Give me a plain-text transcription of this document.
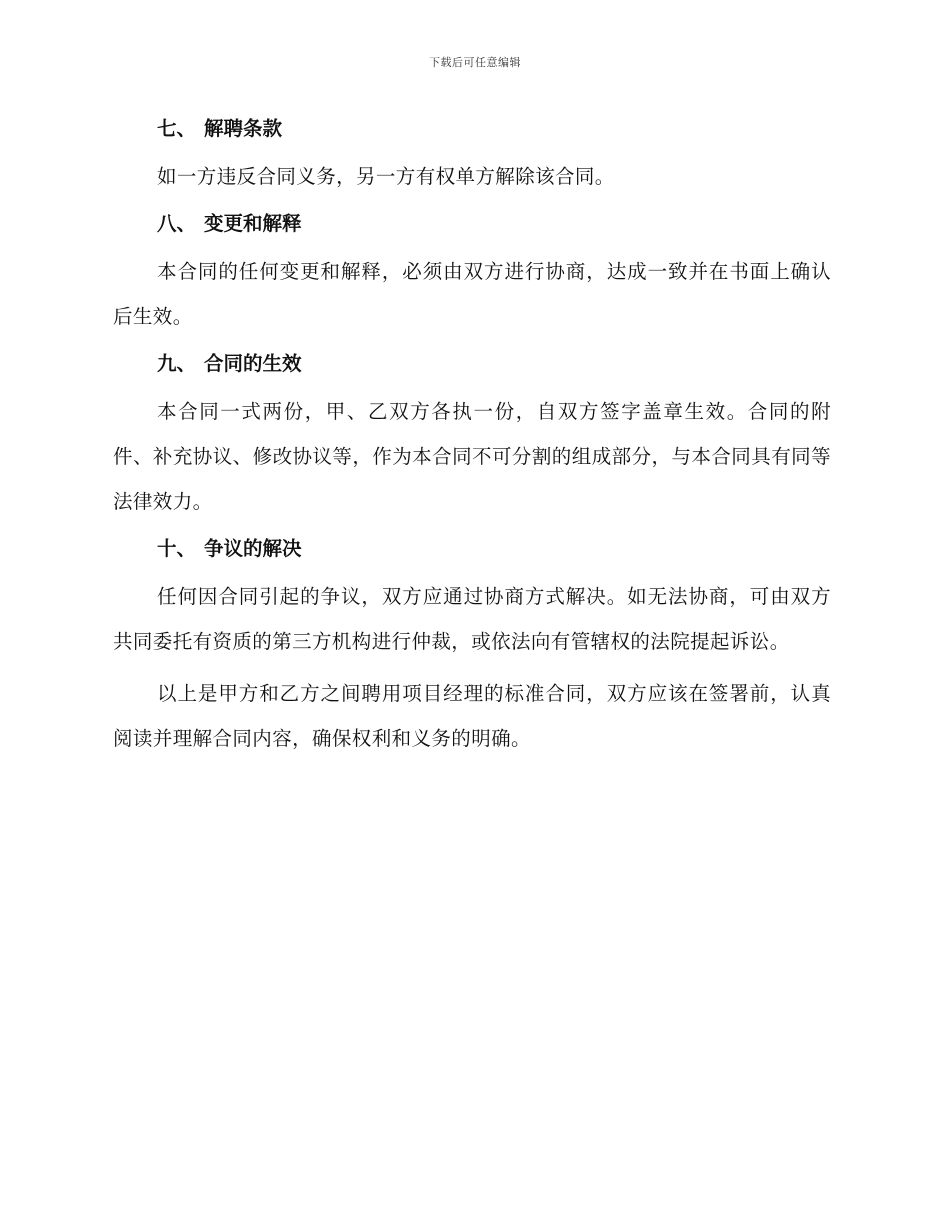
下载后可任意编辑
七、 解聘条款

如一方违反合同义务，另一方有权单方解除该合同。

八、 变更和解释

本合同的任何变更和解释，必须由双方进行协商，达成一致并在书面上确认后生效。

九、 合同的生效

本合同一式两份，甲、乙双方各执一份，自双方签字盖章生效。合同的附件、补充协议、修改协议等，作为本合同不可分割的组成部分，与本合同具有同等法律效力。

十、 争议的解决

任何因合同引起的争议，双方应通过协商方式解决。如无法协商，可由双方共同委托有资质的第三方机构进行仲裁，或依法向有管辖权的法院提起诉讼。

以上是甲方和乙方之间聘用项目经理的标准合同，双方应该在签署前，认真阅读并理解合同内容，确保权利和义务的明确。
